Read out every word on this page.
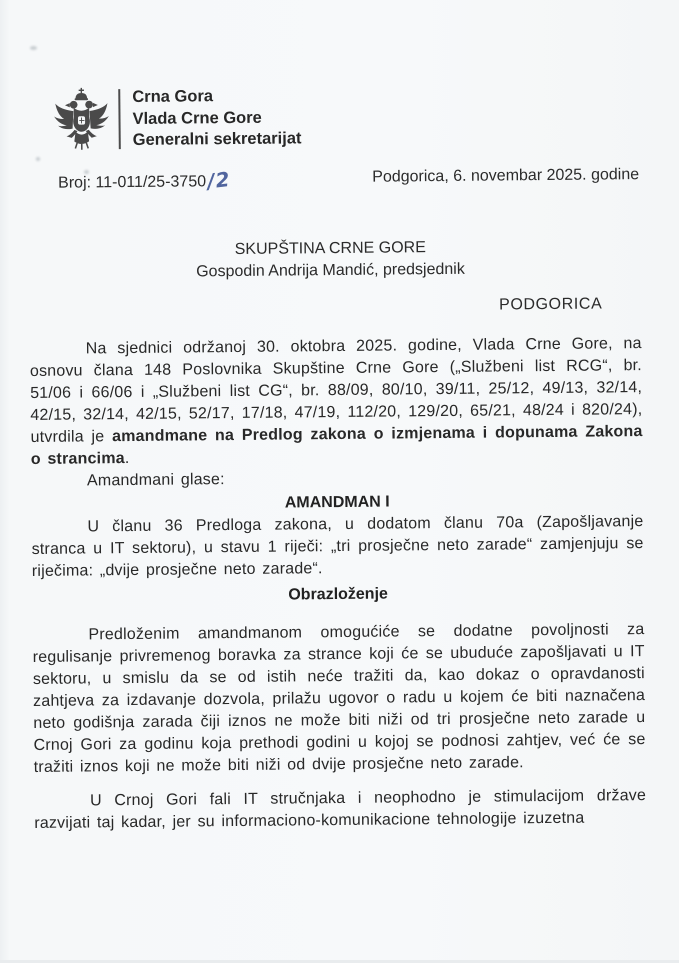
Crna Gora
Vlada Crne Gore
Generalni sekretarijat
Broj: 11-011/25-3750/2	Podgorica, 6. novembar 2025. godine
SKUPŠTINA CRNE GORE
Gospodin Andrija Mandić, predsjednik
PODGORICA

Na sjednici održanoj 30. oktobra 2025. godine, Vlada Crne Gore, na osnovu člana 148 Poslovnika Skupštine Crne Gore („Službeni list RCG“, br. 51/06 i 66/06 i „Službeni list CG“, br. 88/09, 80/10, 39/11, 25/12, 49/13, 32/14, 42/15, 32/14, 42/15, 52/17, 17/18, 47/19, 112/20, 129/20, 65/21, 48/24 i 820/24), utvrdila je amandmane na Predlog zakona o izmjenama i dopunama Zakona o strancima.

Amandmani glase:

AMANDMAN I

U članu 36 Predloga zakona, u dodatom članu 70a (Zapošljavanje stranca u IT sektoru), u stavu 1 riječi: „tri prosječne neto zarade“ zamjenjuju se riječima: „dvije prosječne neto zarade“.

Obrazloženje

Predloženim amandmanom omogućiće se dodatne povoljnosti za regulisanje privremenog boravka za strance koji će se ubuduće zapošljavati u IT sektoru, u smislu da se od istih neće tražiti da, kao dokaz o opravdanosti zahtjeva za izdavanje dozvola, prilažu ugovor o radu u kojem će biti naznačena neto godišnja zarada čiji iznos ne može biti niži od tri prosječne neto zarade u Crnoj Gori za godinu koja prethodi godini u kojoj se podnosi zahtjev, već će se tražiti iznos koji ne može biti niži od dvije prosječne neto zarade.

U Crnoj Gori fali IT stručnjaka i neophodno je stimulacijom države razvijati taj kadar, jer su informaciono-komunikacione tehnologije izuzetna
